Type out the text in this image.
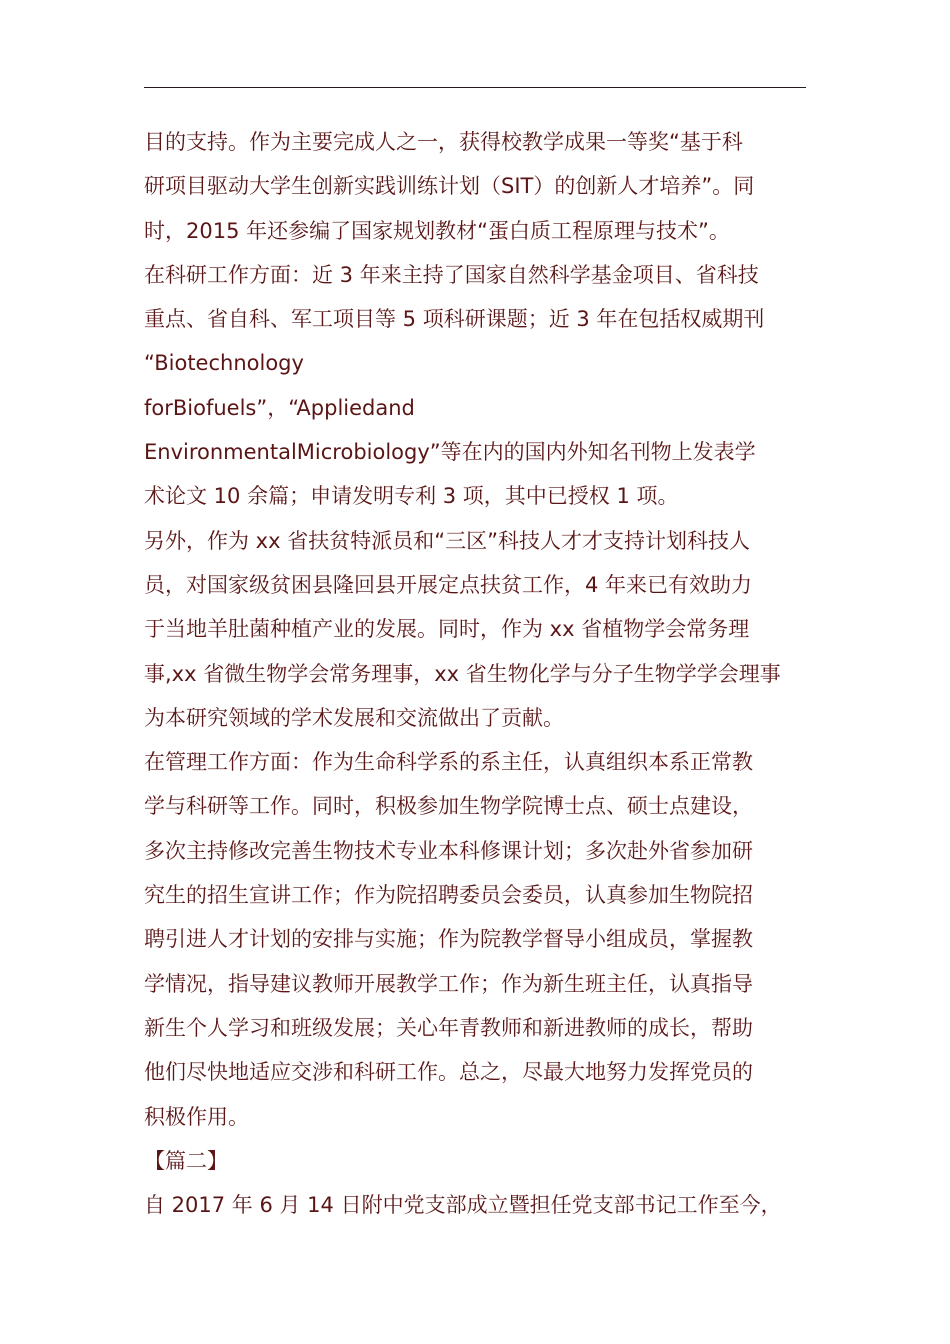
目的支持。作为主要完成人之一，获得校教学成果一等奖“基于科
研项目驱动大学生创新实践训练计划（SIT）的创新人才培养”。同
时，2015 年还参编了国家规划教材“蛋白质工程原理与技术”。
在科研工作方面：近 3 年来主持了国家自然科学基金项目、省科技
重点、省自科、军工项目等 5 项科研课题；近 3 年在包括权威期刊
“Biotechnology
forBiofuels”，“Appliedand
EnvironmentalMicrobiology”等在内的国内外知名刊物上发表学
术论文 10 余篇；申请发明专利 3 项，其中已授权 1 项。
另外，作为 xx 省扶贫特派员和“三区”科技人才才支持计划科技人
员，对国家级贫困县隆回县开展定点扶贫工作，4 年来已有效助力
于当地羊肚菌种植产业的发展。同时，作为 xx 省植物学会常务理
事,xx 省微生物学会常务理事，xx 省生物化学与分子生物学学会理事
为本研究领域的学术发展和交流做出了贡献。
在管理工作方面：作为生命科学系的系主任，认真组织本系正常教
学与科研等工作。同时，积极参加生物学院博士点、硕士点建设，
多次主持修改完善生物技术专业本科修课计划；多次赴外省参加研
究生的招生宣讲工作；作为院招聘委员会委员，认真参加生物院招
聘引进人才计划的安排与实施；作为院教学督导小组成员，掌握教
学情况，指导建议教师开展教学工作；作为新生班主任，认真指导
新生个人学习和班级发展；关心年青教师和新进教师的成长，帮助
他们尽快地适应交涉和科研工作。总之，尽最大地努力发挥党员的
积极作用。
【篇二】
自 2017 年 6 月 14 日附中党支部成立暨担任党支部书记工作至今，
